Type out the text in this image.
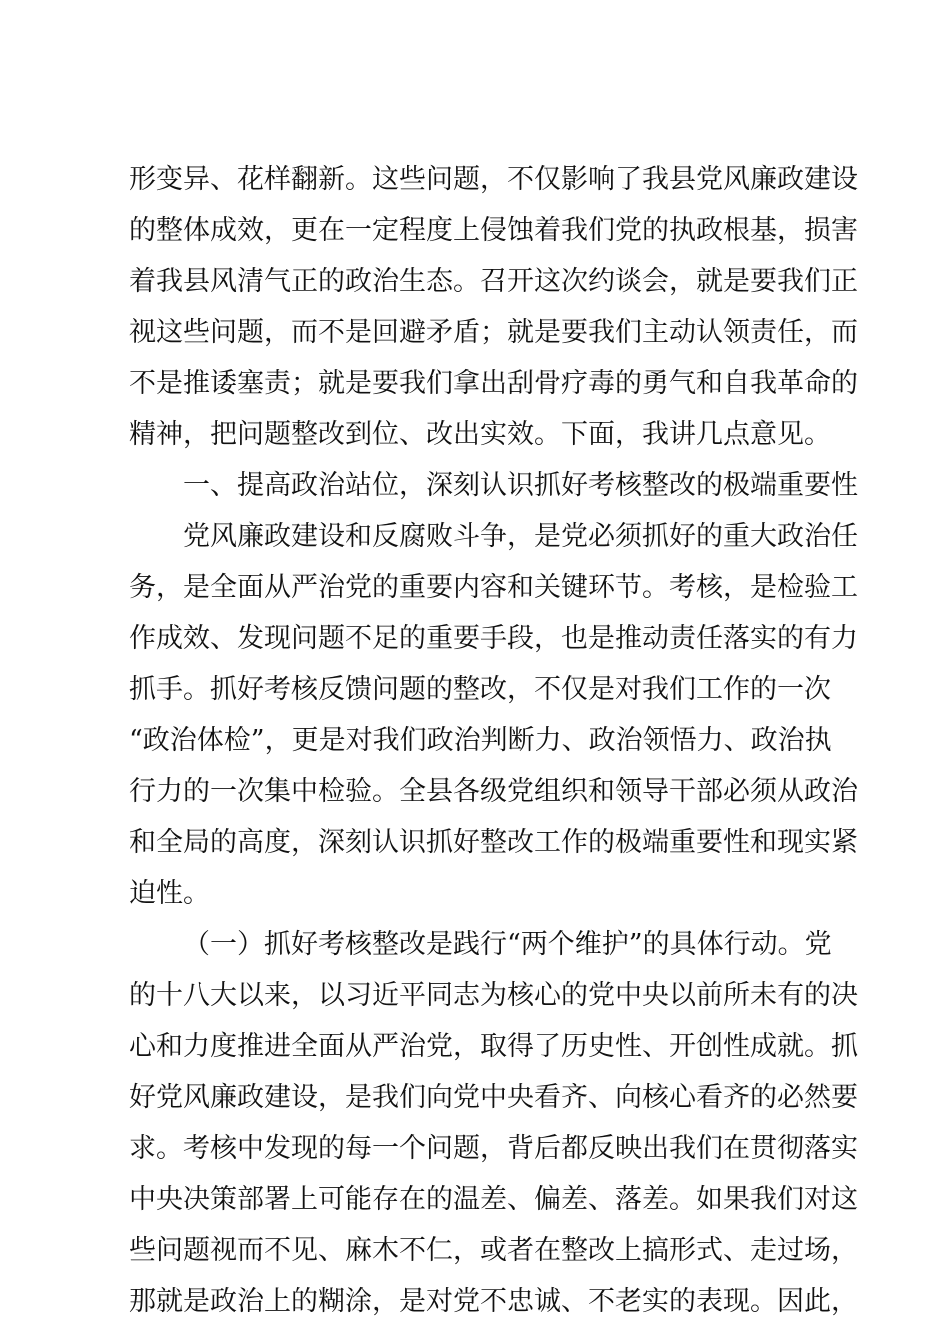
形变异、花样翻新。这些问题，不仅影响了我县党风廉政建设
的整体成效，更在一定程度上侵蚀着我们党的执政根基，损害
着我县风清气正的政治生态。召开这次约谈会，就是要我们正
视这些问题，而不是回避矛盾；就是要我们主动认领责任，而
不是推诿塞责；就是要我们拿出刮骨疗毒的勇气和自我革命的
精神，把问题整改到位、改出实效。下面，我讲几点意见。
一、提高政治站位，深刻认识抓好考核整改的极端重要性
党风廉政建设和反腐败斗争，是党必须抓好的重大政治任
务，是全面从严治党的重要内容和关键环节。考核，是检验工
作成效、发现问题不足的重要手段，也是推动责任落实的有力
抓手。抓好考核反馈问题的整改，不仅是对我们工作的一次
“政治体检”，更是对我们政治判断力、政治领悟力、政治执
行力的一次集中检验。全县各级党组织和领导干部必须从政治
和全局的高度，深刻认识抓好整改工作的极端重要性和现实紧
迫性。
（一）抓好考核整改是践行“两个维护”的具体行动。党
的十八大以来，以习近平同志为核心的党中央以前所未有的决
心和力度推进全面从严治党，取得了历史性、开创性成就。抓
好党风廉政建设，是我们向党中央看齐、向核心看齐的必然要
求。考核中发现的每一个问题，背后都反映出我们在贯彻落实
中央决策部署上可能存在的温差、偏差、落差。如果我们对这
些问题视而不见、麻木不仁，或者在整改上搞形式、走过场，
那就是政治上的糊涂，是对党不忠诚、不老实的表现。因此，
